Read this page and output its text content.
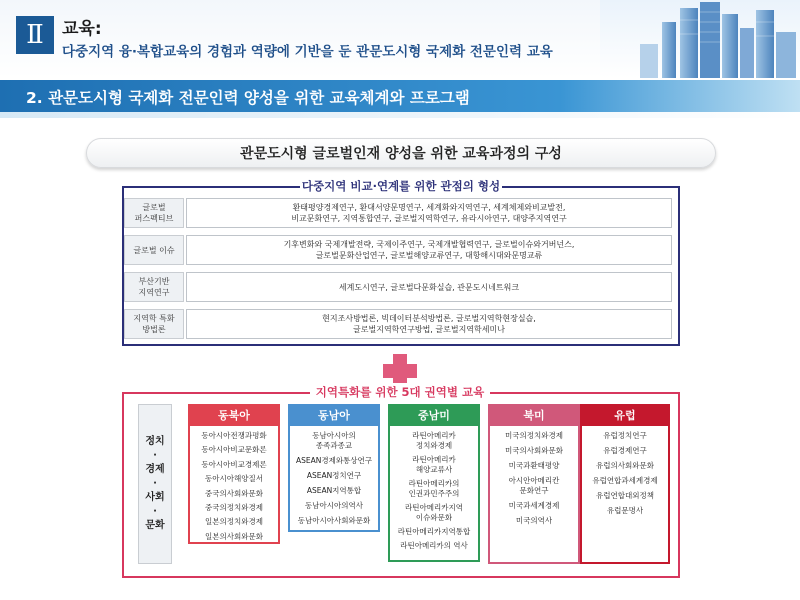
Ⅱ	교육:
다중지역 융·복합교육의 경험과 역량에 기반을 둔 관문도시형 국제화 전문인력 교육
2. 관문도시형 국제화 전문인력 양성을 위한 교육체계와 프로그램
관문도시형 글로벌인재 양성을 위한 교육과정의 구성
다중지역 비교·연계를 위한 관점의 형성
글로벌
퍼스펙티브
환태평양경제연구, 환대서양문명연구, 세계화와지역연구, 세계체제와비교발전,
비교문화연구, 지역통합연구, 글로벌지역학연구, 유라시아연구, 대양주지역연구
글로벌 이슈
기후변화와 국제개발전략, 국제이주연구, 국제개발협력연구, 글로벌이슈와거버넌스,
글로벌문화산업연구, 글로벌해양교류연구, 대항해시대와문명교류
부산기반
지역연구
세계도시연구, 글로벌다문화실습, 관문도시네트워크
지역학 특화
방법론
현지조사방법론, 빅데이터분석방법론, 글로벌지역학현장실습,
글로벌지역학연구방법, 글로벌지역학세미나
지역특화를 위한 5대 권역별 교육
정치
·
경제
·
사회
·
문화
동북아
동아시아전쟁과평화
동아시아비교문화론
동아시아비교경제론
동아시아해양질서
중국의사회와문화
중국의정치와경제
일본의정치와경제
일본의사회와문화
동남아
동남아시아의
종족과종교
ASEAN경제와통상연구
ASEAN정치연구
ASEAN지역통합
동남아시아의역사
동남아시아사회와문화
중남미
라틴아메리카
정치와경제
라틴아메리카
해양교류사
라틴아메리카의
인권과민주주의
라틴아메리카지역
이슈와문화
라틴아메리카지역통합
라틴아메리카의 역사
북미
미국의정치와경제
미국의사회와문화
미국과환태평양
아시안아메리칸
문화연구
미국과세계경제
미국의역사
유럽
유럽정치연구
유럽경제연구
유럽의사회와문화
유럽연합과세계경제
유럽연합대외정책
유럽문명사
